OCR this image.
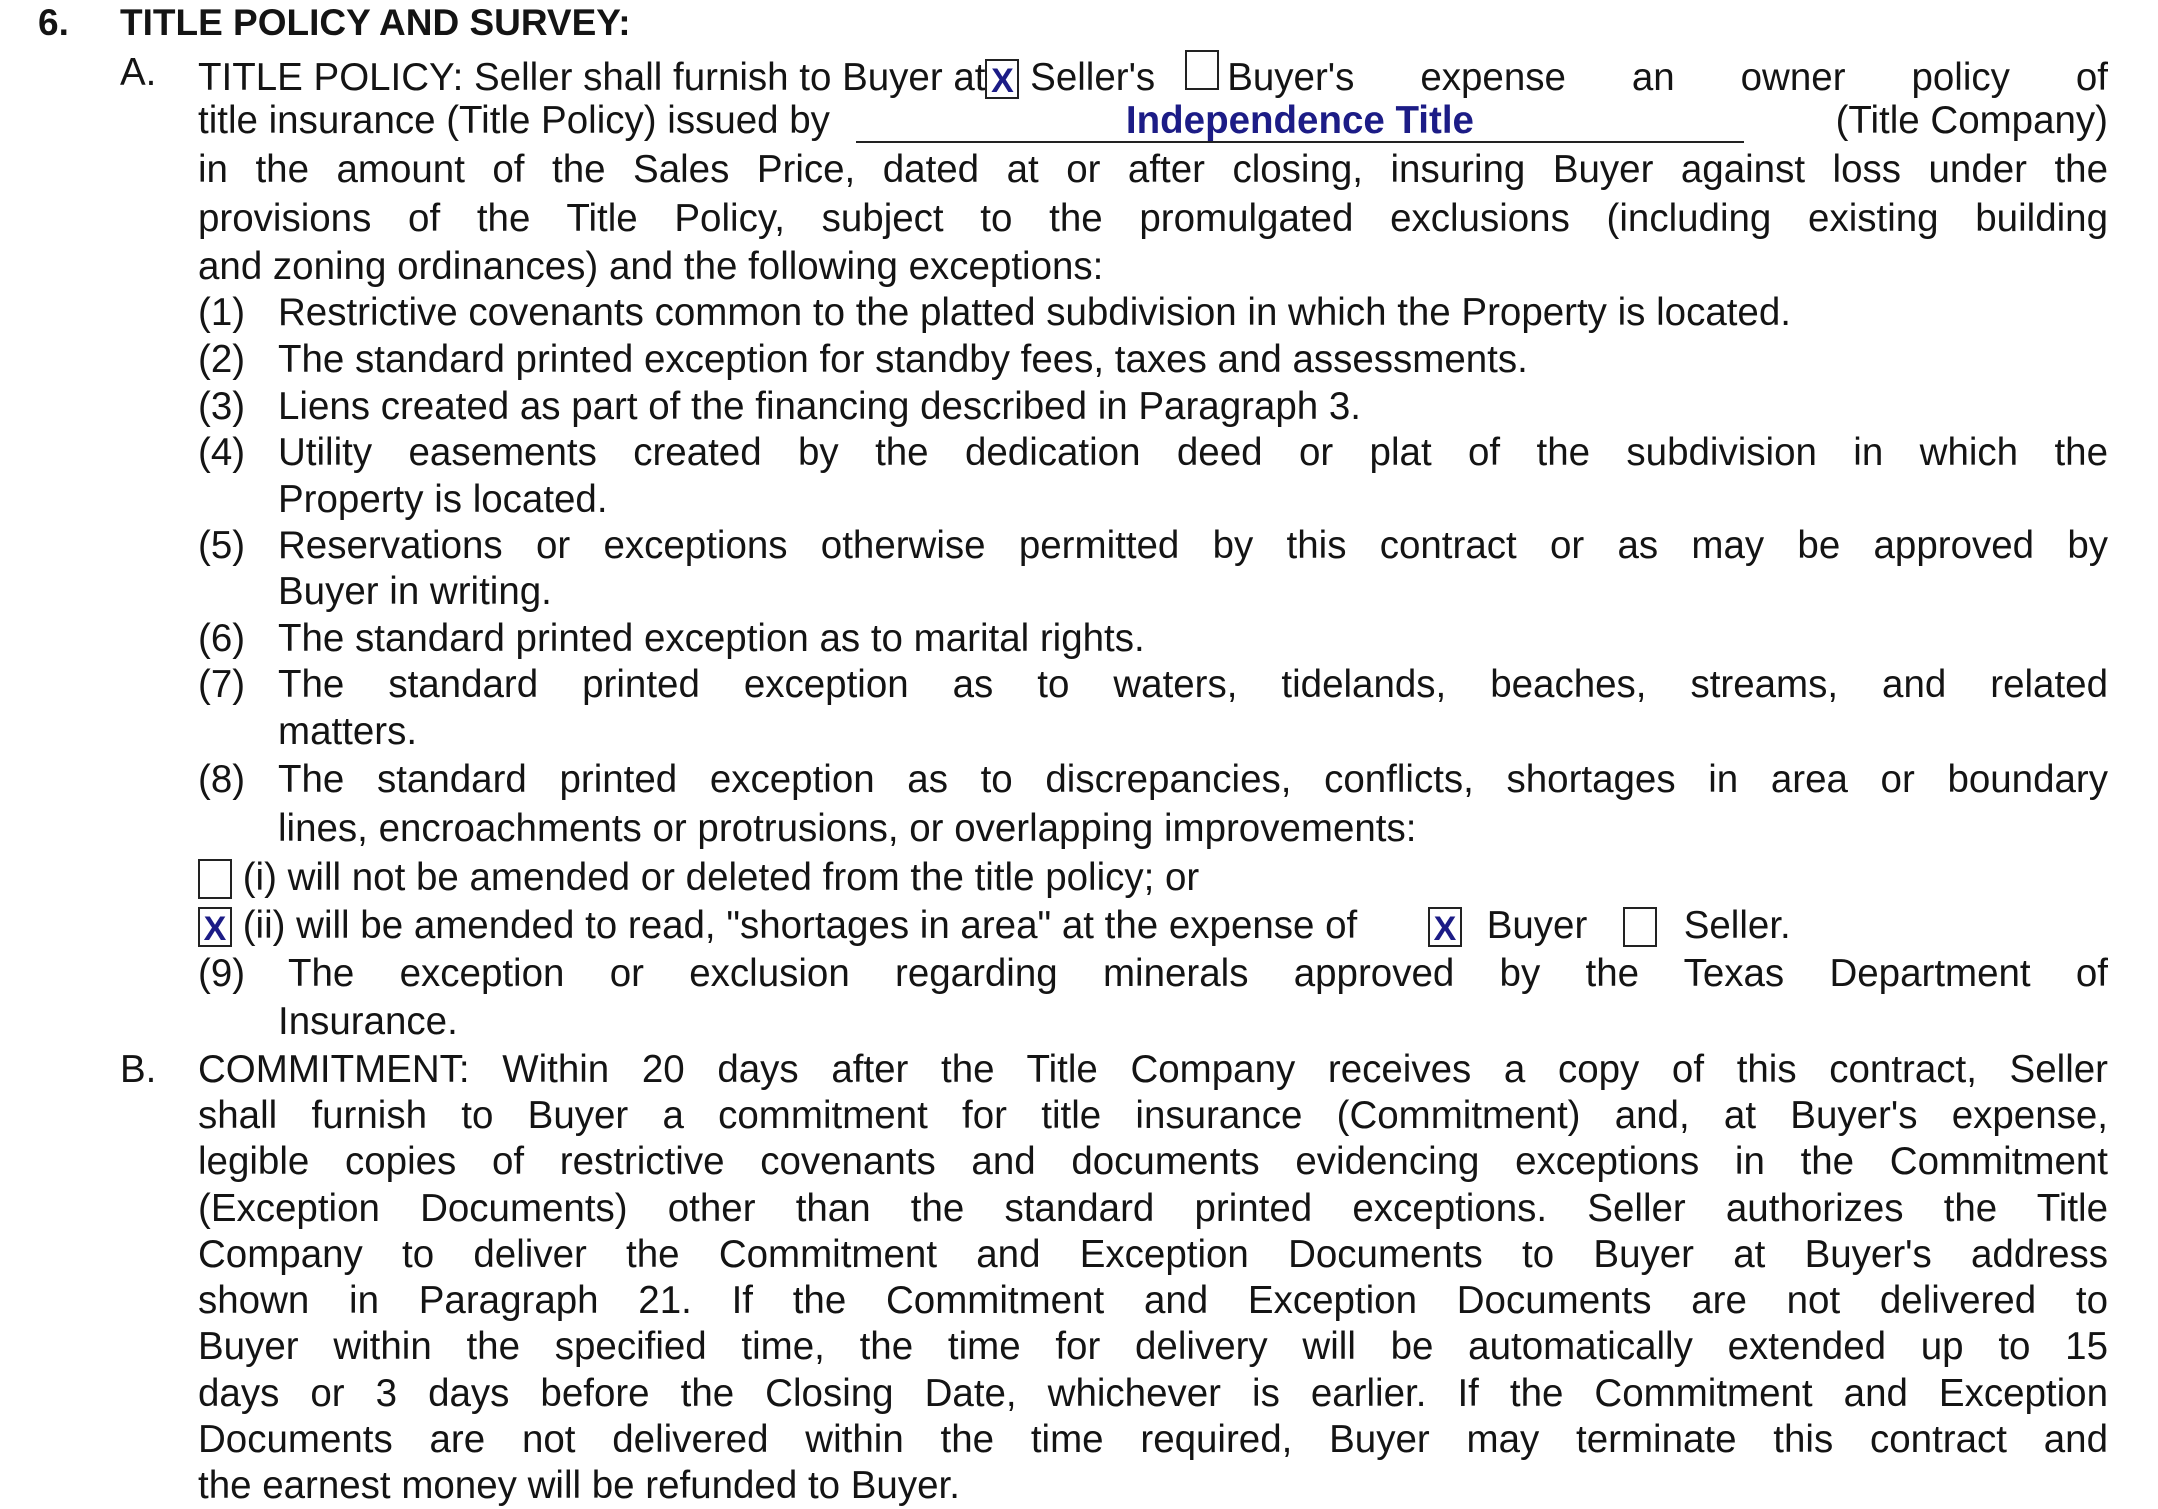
6. TITLE POLICY AND SURVEY:
A. TITLE POLICY: Seller shall furnish to Buyer at X	Seller's Buyer's expense an owner policy of
title insurance (Title Policy) issued by	Independence Title	(Title Company)
in the amount of the Sales Price, dated at or after closing, insuring Buyer against loss under the
provisions of the Title Policy, subject to the promulgated exclusions (including existing building
and zoning ordinances) and the following exceptions:
(1) Restrictive covenants common to the platted subdivision in which the Property is located.
(2) The standard printed exception for standby fees, taxes and assessments.
(3) Liens created as part of the financing described in Paragraph 3.
(4) Utility easements created by the dedication deed or plat of the subdivision in which the
Property is located.
(5) Reservations or exceptions otherwise permitted by this contract or as may be approved by
Buyer in writing.
(6) The standard printed exception as to marital rights.
(7) The standard printed exception as to waters, tidelands, beaches, streams, and related
matters.
(8) The standard printed exception as to discrepancies, conflicts, shortages in area or boundary
lines, encroachments or protrusions, or overlapping improvements:
(i) will not be amended or deleted from the title policy; or
X (ii) will be amended to read, "shortages in area" at the expense of X	Buyer	Seller.
(9) The exception or exclusion regarding minerals approved by the Texas Department of
Insurance.
B. COMMITMENT: Within 20 days after the Title Company receives a copy of this contract, Seller
shall furnish to Buyer a commitment for title insurance (Commitment) and, at Buyer's expense,
legible copies of restrictive covenants and documents evidencing exceptions in the Commitment
(Exception Documents) other than the standard printed exceptions. Seller authorizes the Title
Company to deliver the Commitment and Exception Documents to Buyer at Buyer's address
shown in Paragraph 21. If the Commitment and Exception Documents are not delivered to
Buyer within the specified time, the time for delivery will be automatically extended up to 15
days or 3 days before the Closing Date, whichever is earlier. If the Commitment and Exception
Documents are not delivered within the time required, Buyer may terminate this contract and
the earnest money will be refunded to Buyer.
